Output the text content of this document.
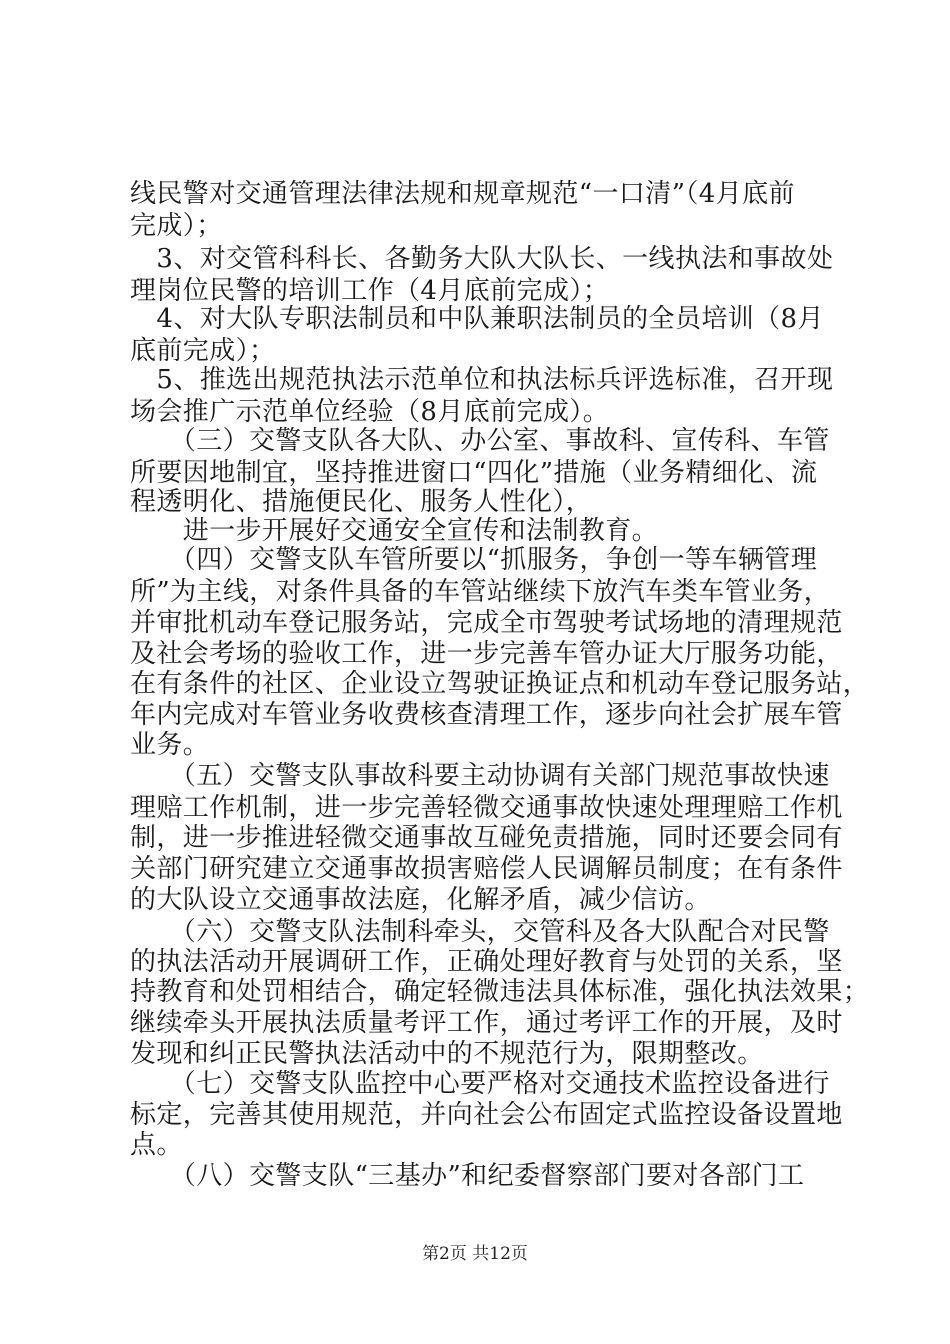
线民警对交通管理法律法规和规章规范“一口清”（4月底前
完成）；
　3、对交管科科长、各勤务大队大队长、一线执法和事故处
理岗位民警的培训工作（4月底前完成）；
　4、对大队专职法制员和中队兼职法制员的全员培训（8月
底前完成）；
　5、推选出规范执法示范单位和执法标兵评选标准，召开现
场会推广示范单位经验（8月底前完成）。
　　（三）交警支队各大队、办公室、事故科、宣传科、车管
所要因地制宜，坚持推进窗口“四化”措施（业务精细化、流
程透明化、措施便民化、服务人性化），
　　进一步开展好交通安全宣传和法制教育。
　　（四）交警支队车管所要以“抓服务，争创一等车辆管理
所”为主线，对条件具备的车管站继续下放汽车类车管业务，
并审批机动车登记服务站，完成全市驾驶考试场地的清理规范
及社会考场的验收工作，进一步完善车管办证大厅服务功能，
在有条件的社区、企业设立驾驶证换证点和机动车登记服务站，
年内完成对车管业务收费核查清理工作，逐步向社会扩展车管
业务。
　　（五）交警支队事故科要主动协调有关部门规范事故快速
理赔工作机制，进一步完善轻微交通事故快速处理理赔工作机
制，进一步推进轻微交通事故互碰免责措施，同时还要会同有
关部门研究建立交通事故损害赔偿人民调解员制度；在有条件
的大队设立交通事故法庭，化解矛盾，减少信访。
　　（六）交警支队法制科牵头，交管科及各大队配合对民警
的执法活动开展调研工作，正确处理好教育与处罚的关系，坚
持教育和处罚相结合，确定轻微违法具体标准，强化执法效果；
继续牵头开展执法质量考评工作，通过考评工作的开展，及时
发现和纠正民警执法活动中的不规范行为，限期整改。
　　（七）交警支队监控中心要严格对交通技术监控设备进行
标定，完善其使用规范，并向社会公布固定式监控设备设置地
点。
　　（八）交警支队“三基办”和纪委督察部门要对各部门工
第2页 共12页
